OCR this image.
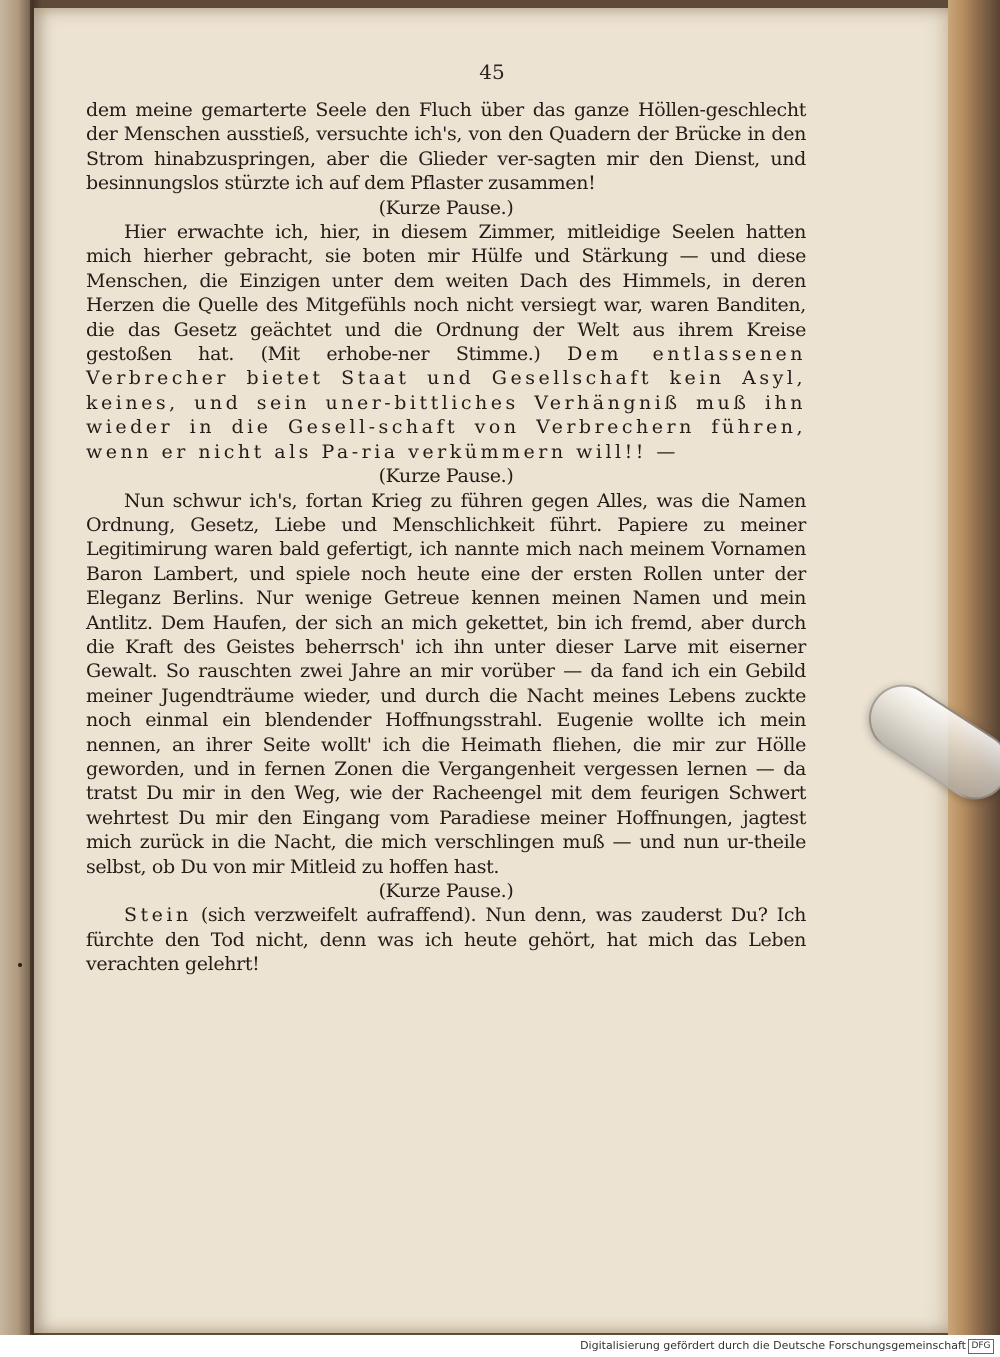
45

dem meine gemarterte Seele den Fluch über das ganze Höllen-geschlecht der Menschen ausstieß, versuchte ich's, von den Quadern der Brücke in den Strom hinabzuspringen, aber die Glieder ver-sagten mir den Dienst, und besinnungslos stürzte ich auf dem Pflaster zusammen!

(Kurze Pause.)

Hier erwachte ich, hier, in diesem Zimmer, mitleidige Seelen hatten mich hierher gebracht, sie boten mir Hülfe und Stärkung — und diese Menschen, die Einzigen unter dem weiten Dach des Himmels, in deren Herzen die Quelle des Mitgefühls noch nicht versiegt war, waren Banditen, die das Gesetz geächtet und die Ordnung der Welt aus ihrem Kreise gestoßen hat. (Mit erhobe-ner Stimme.) Dem entlassenen Verbrecher bietet Staat und Gesellschaft kein Asyl, keines, und sein uner-bittliches Verhängniß muß ihn wieder in die Gesell-schaft von Verbrechern führen, wenn er nicht als Pa-ria verkümmern will!! —

(Kurze Pause.)

Nun schwur ich's, fortan Krieg zu führen gegen Alles, was die Namen Ordnung, Gesetz, Liebe und Menschlichkeit führt. Papiere zu meiner Legitimirung waren bald gefertigt, ich nannte mich nach meinem Vornamen Baron Lambert, und spiele noch heute eine der ersten Rollen unter der Eleganz Berlins. Nur wenige Getreue kennen meinen Namen und mein Antlitz. Dem Haufen, der sich an mich gekettet, bin ich fremd, aber durch die Kraft des Geistes beherrsch' ich ihn unter dieser Larve mit eiserner Gewalt. So rauschten zwei Jahre an mir vorüber — da fand ich ein Gebild meiner Jugendträume wieder, und durch die Nacht meines Lebens zuckte noch einmal ein blendender Hoffnungsstrahl. Eugenie wollte ich mein nennen, an ihrer Seite wollt' ich die Heimath fliehen, die mir zur Hölle geworden, und in fernen Zonen die Vergangenheit vergessen lernen — da tratst Du mir in den Weg, wie der Racheengel mit dem feurigen Schwert wehrtest Du mir den Eingang vom Paradiese meiner Hoffnungen, jagtest mich zurück in die Nacht, die mich verschlingen muß — und nun ur-theile selbst, ob Du von mir Mitleid zu hoffen hast.

(Kurze Pause.)

Stein (sich verzweifelt aufraffend). Nun denn, was zauderst Du? Ich fürchte den Tod nicht, denn was ich heute gehört, hat mich das Leben verachten gelehrt!

Digitalisierung gefördert durch die Deutsche Forschungsgemeinschaft DFG
